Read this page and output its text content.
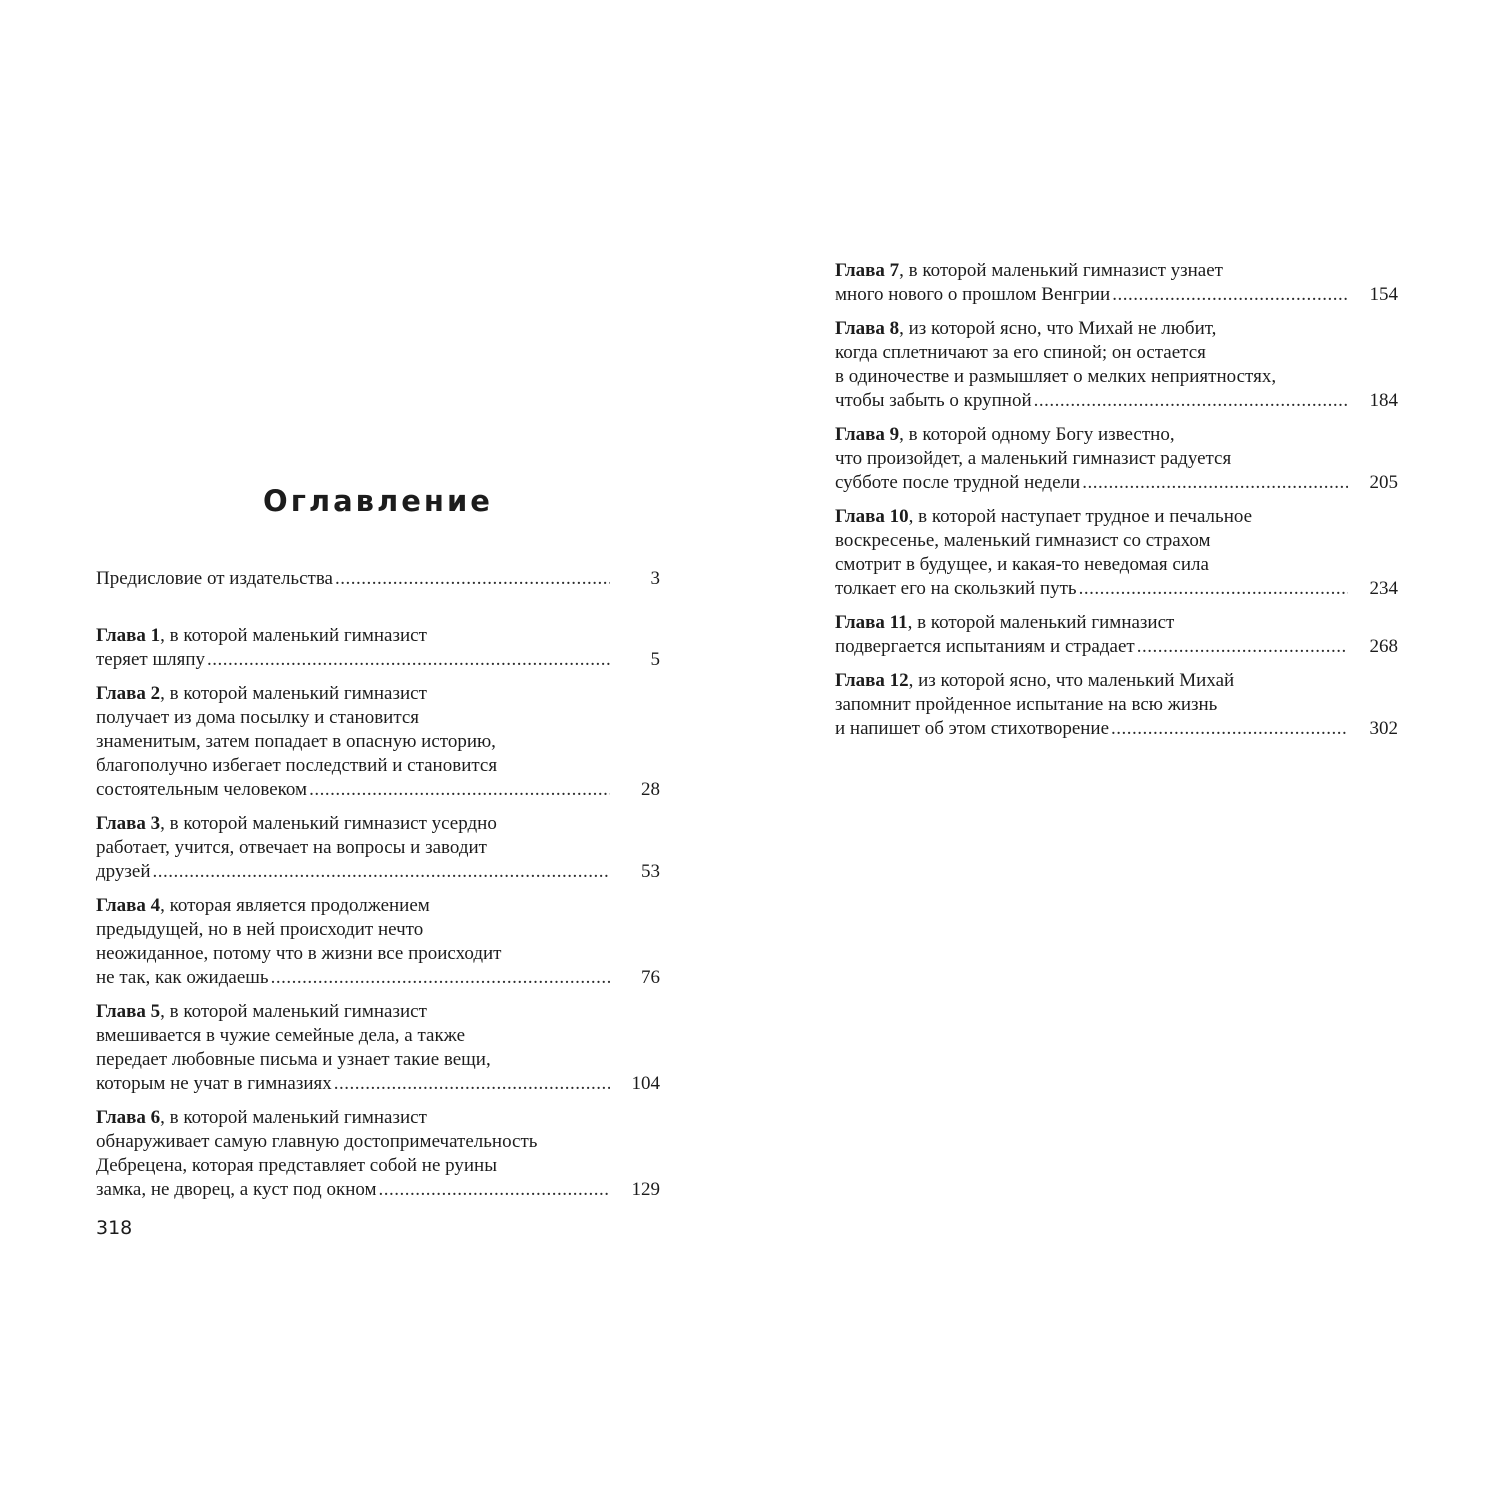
Оглавление
Предисловие от издательства .....	3
Глава 1, в которой маленький гимназист
теряет шляпу .....	5
Глава 2, в которой маленький гимназист
получает из дома посылку и становится
знаменитым, затем попадает в опасную историю,
благополучно избегает последствий и становится
состоятельным человеком .....	28
Глава 3, в которой маленький гимназист усердно
работает, учится, отвечает на вопросы и заводит
друзей .....	53
Глава 4, которая является продолжением
предыдущей, но в ней происходит нечто
неожиданное, потому что в жизни все происходит
не так, как ожидаешь .....	76
Глава 5, в которой маленький гимназист
вмешивается в чужие семейные дела, а также
передает любовные письма и узнает такие вещи,
которым не учат в гимназиях .....	104
Глава 6, в которой маленький гимназист
обнаруживает самую главную достопримечательность
Дебрецена, которая представляет собой не руины
замка, не дворец, а куст под окном .....	129
Глава 7, в которой маленький гимназист узнает
много нового о прошлом Венгрии .....	154
Глава 8, из которой ясно, что Михай не любит,
когда сплетничают за его спиной; он остается
в одиночестве и размышляет о мелких неприятностях,
чтобы забыть о крупной .....	184
Глава 9, в которой одному Богу известно,
что произойдет, а маленький гимназист радуется
субботе после трудной недели .....	205
Глава 10, в которой наступает трудное и печальное
воскресенье, маленький гимназист со страхом
смотрит в будущее, и какая-то неведомая сила
толкает его на скользкий путь .....	234
Глава 11, в которой маленький гимназист
подвергается испытаниям и страдает .....	268
Глава 12, из которой ясно, что маленький Михай
запомнит пройденное испытание на всю жизнь
и напишет об этом стихотворение .....	302
318
